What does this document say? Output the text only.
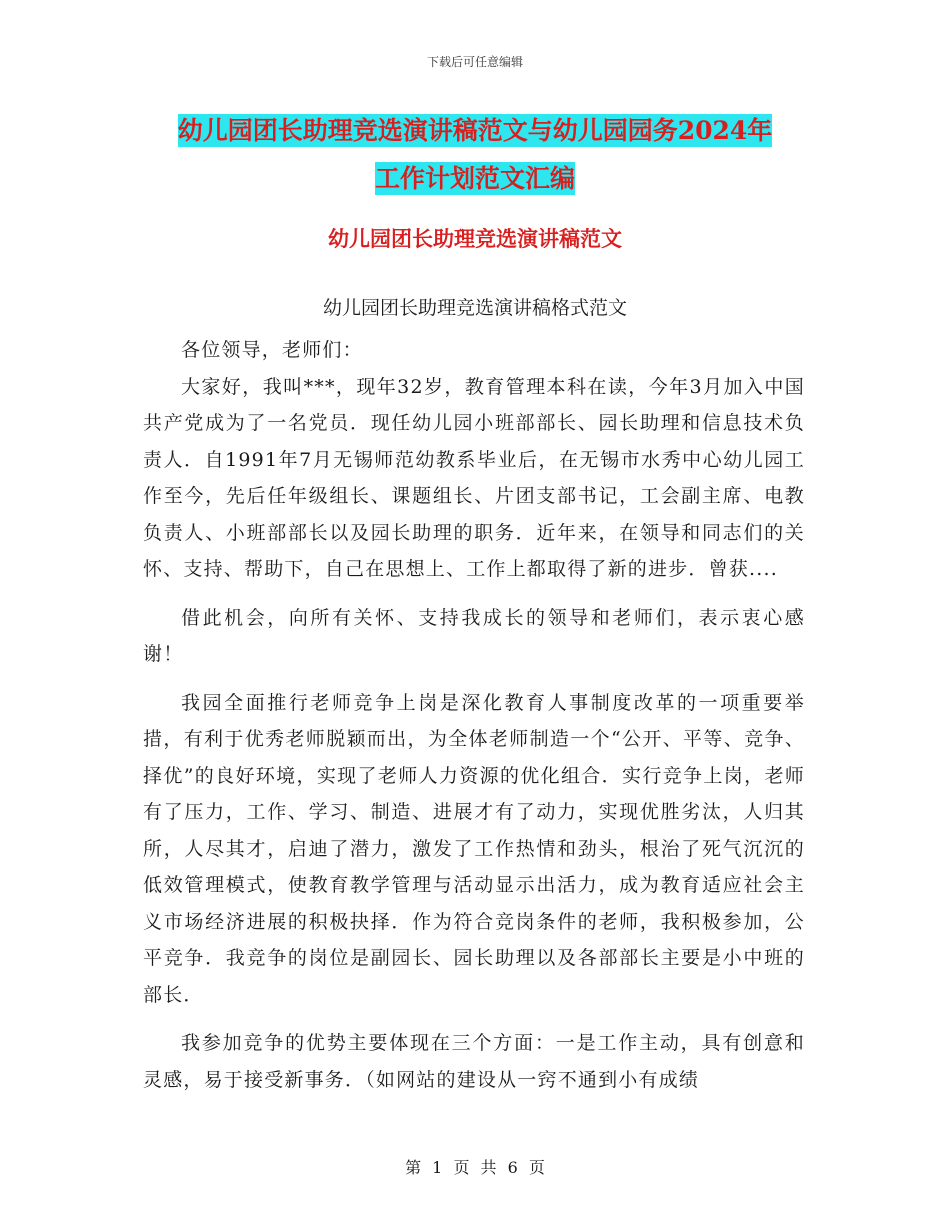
下载后可任意编辑
幼儿园团长助理竞选演讲稿范文与幼儿园园务2024年
工作计划范文汇编
幼儿园团长助理竞选演讲稿范文
幼儿园团长助理竞选演讲稿格式范文

各位领导，老师们：

大家好，我叫***，现年32岁，教育管理本科在读，今年3月加入中国共产党成为了一名党员．现任幼儿园小班部部长、园长助理和信息技术负责人．自1991年7月无锡师范幼教系毕业后，在无锡市水秀中心幼儿园工作至今，先后任年级组长、课题组长、片团支部书记，工会副主席、电教负责人、小班部部长以及园长助理的职务．近年来，在领导和同志们的关怀、支持、帮助下，自己在思想上、工作上都取得了新的进步．曾获....

借此机会，向所有关怀、支持我成长的领导和老师们，表示衷心感谢！

我园全面推行老师竞争上岗是深化教育人事制度改革的一项重要举措，有利于优秀老师脱颖而出，为全体老师制造一个“公开、平等、竞争、择优”的良好环境，实现了老师人力资源的优化组合．实行竞争上岗，老师有了压力，工作、学习、制造、进展才有了动力，实现优胜劣汰，人归其所，人尽其才，启迪了潜力，激发了工作热情和劲头，根治了死气沉沉的低效管理模式，使教育教学管理与活动显示出活力，成为教育适应社会主义市场经济进展的积极抉择．作为符合竞岗条件的老师，我积极参加，公平竞争．我竞争的岗位是副园长、园长助理以及各部部长主要是小中班的部长．

我参加竞争的优势主要体现在三个方面：一是工作主动，具有创意和灵感，易于接受新事务．（如网站的建设从一窍不通到小有成绩

第 1 页 共 6 页
